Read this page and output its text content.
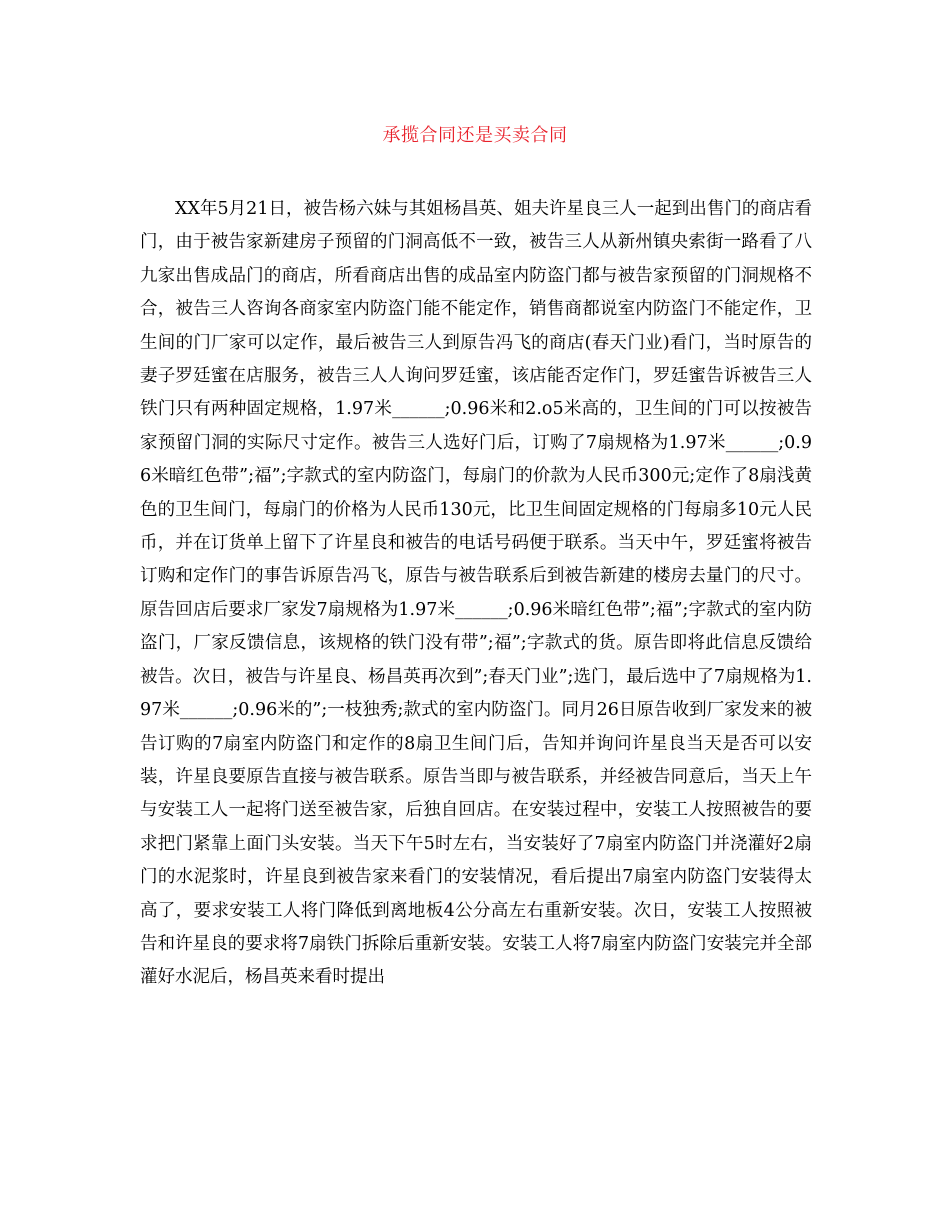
承揽合同还是买卖合同

XX年5月21日，被告杨六妹与其姐杨昌英、姐夫许星良三人一起到出售门的商店看门，由于被告家新建房子预留的门洞高低不一致，被告三人从新州镇央索街一路看了八九家出售成品门的商店，所看商店出售的成品室内防盗门都与被告家预留的门洞规格不合，被告三人咨询各商家室内防盗门能不能定作，销售商都说室内防盗门不能定作，卫生间的门厂家可以定作，最后被告三人到原告冯飞的商店(春天门业)看门，当时原告的妻子罗廷蜜在店服务，被告三人人询问罗廷蜜，该店能否定作门，罗廷蜜告诉被告三人铁门只有两种固定规格，1.97米______;0.96米和2.o5米高的，卫生间的门可以按被告家预留门洞的实际尺寸定作。被告三人选好门后，订购了7扇规格为1.97米______;0.96米暗红色带”;福”;字款式的室内防盗门，每扇门的价款为人民币300元;定作了8扇浅黄色的卫生间门，每扇门的价格为人民币130元，比卫生间固定规格的门每扇多10元人民币，并在订货单上留下了许星良和被告的电话号码便于联系。当天中午，罗廷蜜将被告订购和定作门的事告诉原告冯飞，原告与被告联系后到被告新建的楼房去量门的尺寸。原告回店后要求厂家发7扇规格为1.97米______;0.96米暗红色带”;福”;字款式的室内防盗门，厂家反馈信息，该规格的铁门没有带”;福”;字款式的货。原告即将此信息反馈给被告。次日，被告与许星良、杨昌英再次到”;春天门业”;选门，最后选中了7扇规格为1.97米______;0.96米的”;一枝独秀;款式的室内防盗门。同月26日原告收到厂家发来的被告订购的7扇室内防盗门和定作的8扇卫生间门后，告知并询问许星良当天是否可以安装，许星良要原告直接与被告联系。原告当即与被告联系，并经被告同意后，当天上午与安装工人一起将门送至被告家，后独自回店。在安装过程中，安装工人按照被告的要求把门紧靠上面门头安装。当天下午5时左右，当安装好了7扇室内防盗门并浇灌好2扇门的水泥浆时，许星良到被告家来看门的安装情况，看后提出7扇室内防盗门安装得太高了，要求安装工人将门降低到离地板4公分高左右重新安装。次日，安装工人按照被告和许星良的要求将7扇铁门拆除后重新安装。安装工人将7扇室内防盗门安装完并全部灌好水泥后，杨昌英来看时提出
